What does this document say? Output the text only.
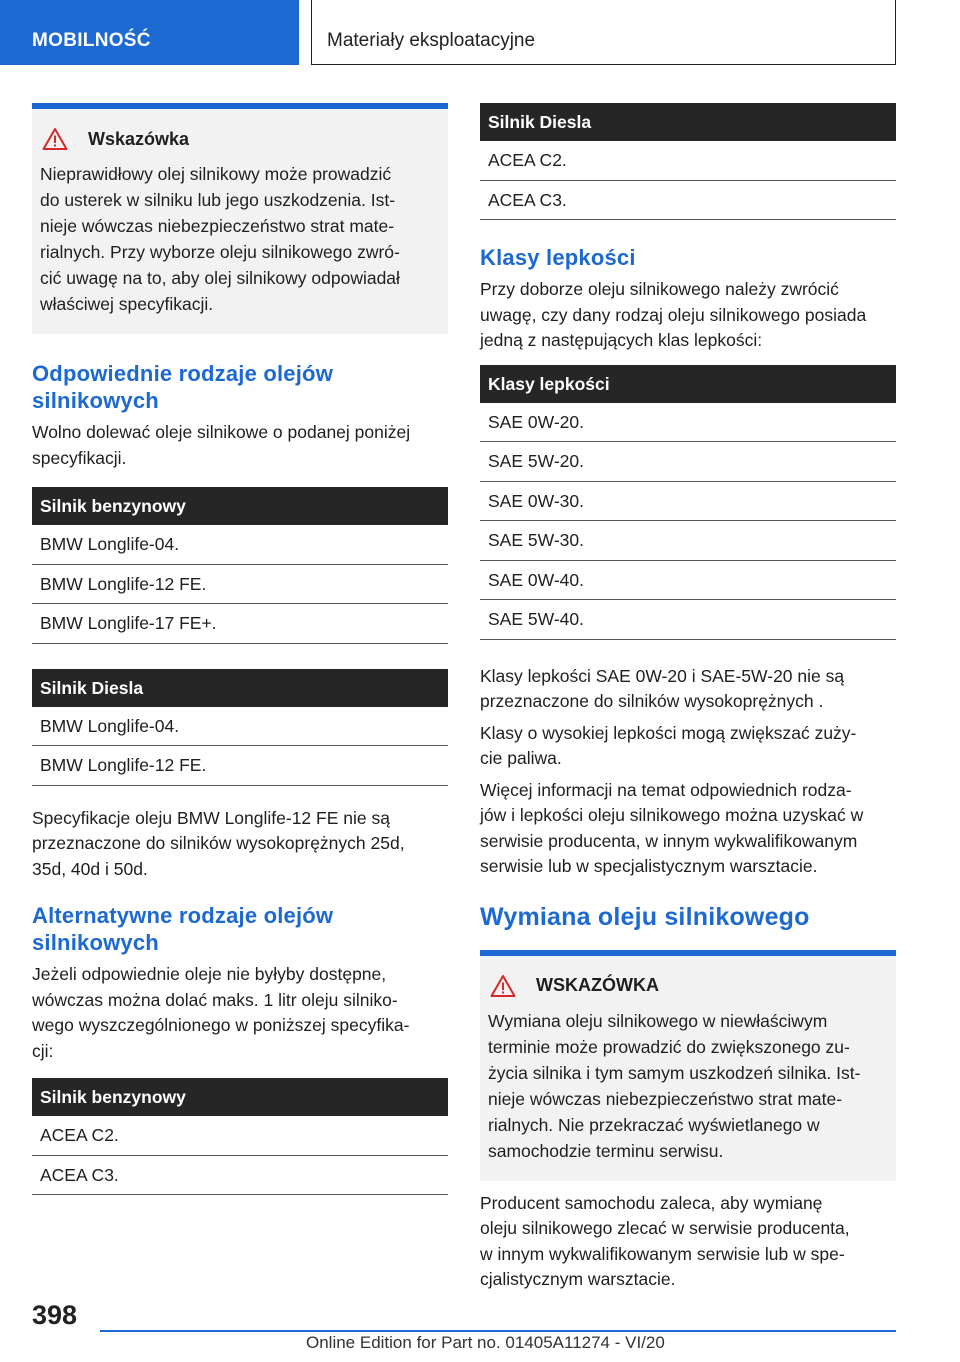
MOBILNOŚĆ	Materiały eksploatacyjne
Wskazówka
Nieprawidłowy olej silnikowy może prowadzić
do usterek w silniku lub jego uszkodzenia. Ist-
nieje wówczas niebezpieczeństwo strat mate-
rialnych. Przy wyborze oleju silnikowego zwró-
cić uwagę na to, aby olej silnikowy odpowiadał
właściwej specyfikacji.
Odpowiednie rodzaje olejów
silnikowych

Wolno dolewać oleje silnikowe o podanej poniżej
specyfikacji.

Silnik benzynowy
BMW Longlife-04.
BMW Longlife-12 FE.
BMW Longlife-17 FE+.
Silnik Diesla
BMW Longlife-04.
BMW Longlife-12 FE.

Specyfikacje oleju BMW Longlife-12 FE nie są
przeznaczone do silników wysokoprężnych 25d,
35d, 40d i 50d.

Alternatywne rodzaje olejów
silnikowych

Jeżeli odpowiednie oleje nie byłyby dostępne,
wówczas można dolać maks. 1 litr oleju silniko-
wego wyszczególnionego w poniższej specyfika-
cji:

Silnik benzynowy
ACEA C2.
ACEA C3.
Silnik Diesla
ACEA C2.
ACEA C3.
Klasy lepkości

Przy doborze oleju silnikowego należy zwrócić
uwagę, czy dany rodzaj oleju silnikowego posiada
jedną z następujących klas lepkości:

Klasy lepkości
SAE 0W-20.
SAE 5W-20.
SAE 0W-30.
SAE 5W-30.
SAE 0W-40.
SAE 5W-40.

Klasy lepkości SAE 0W-20 i SAE-5W-20 nie są
przeznaczone do silników wysokoprężnych .

Klasy o wysokiej lepkości mogą zwiększać zuży-
cie paliwa.

Więcej informacji na temat odpowiednich rodza-
jów i lepkości oleju silnikowego można uzyskać w
serwisie producenta, w innym wykwalifikowanym
serwisie lub w specjalistycznym warsztacie.

Wymiana oleju silnikowego
WSKAZÓWKA
Wymiana oleju silnikowego w niewłaściwym
terminie może prowadzić do zwiększonego zu-
życia silnika i tym samym uszkodzeń silnika. Ist-
nieje wówczas niebezpieczeństwo strat mate-
rialnych. Nie przekraczać wyświetlanego w
samochodzie terminu serwisu.

Producent samochodu zaleca, aby wymianę
oleju silnikowego zlecać w serwisie producenta,
w innym wykwalifikowanym serwisie lub w spe-
cjalistycznym warsztacie.

398
Online Edition for Part no. 01405A11274 - VI/20
